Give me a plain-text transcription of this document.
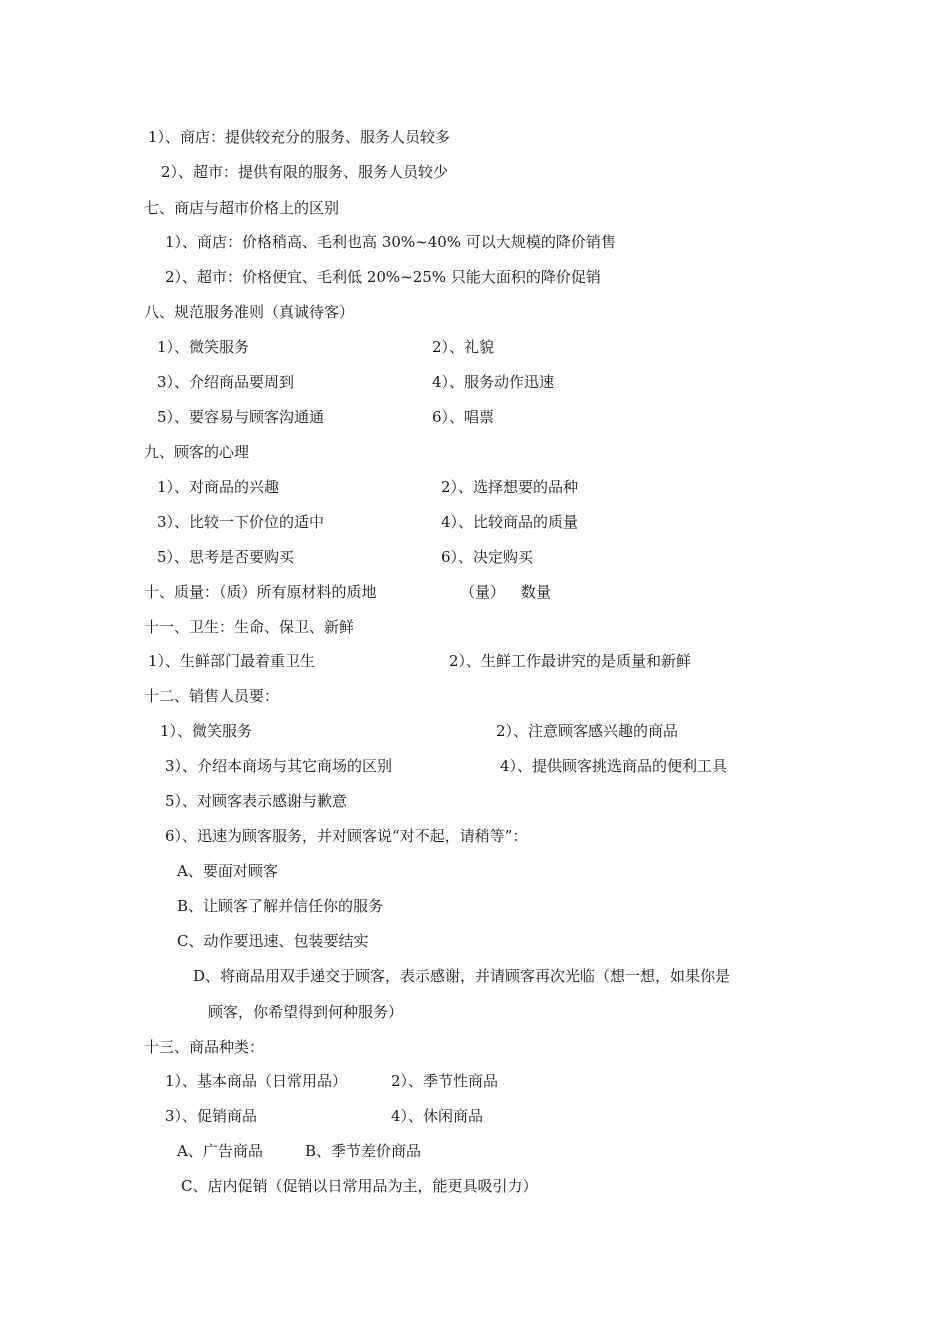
1）、商店：提供较充分的服务、服务人员较多
2）、超市：提供有限的服务、服务人员较少
七、商店与超市价格上的区别
1）、商店：价格稍高、毛利也高 30%~40% 可以大规模的降价销售
2）、超市：价格便宜、毛利低 20%~25% 只能大面积的降价促销
八、规范服务准则（真诚待客）
1）、微笑服务	2）、礼貌
3）、介绍商品要周到	4）、服务动作迅速
5）、要容易与顾客沟通通	6）、唱票
九、顾客的心理
1）、对商品的兴趣	2）、选择想要的品种
3）、比较一下价位的适中	4）、比较商品的质量
5）、思考是否要购买	6）、决定购买
十、质量：（质）所有原材料的质地	（量） 数量
十一、卫生：生命、保卫、新鲜
1）、生鲜部门最着重卫生	2）、生鲜工作最讲究的是质量和新鲜
十二、销售人员要：
1）、微笑服务	2）、注意顾客感兴趣的商品
3）、介绍本商场与其它商场的区别	4）、提供顾客挑选商品的便利工具
5）、对顾客表示感谢与歉意
6）、迅速为顾客服务，并对顾客说“对不起，请稍等”：
A、要面对顾客
B、让顾客了解并信任你的服务
C、动作要迅速、包装要结实
D、将商品用双手递交于顾客，表示感谢，并请顾客再次光临（想一想，如果你是
顾客，你希望得到何种服务）
十三、商品种类：
1）、基本商品（日常用品）	2）、季节性商品
3）、促销商品	4）、休闲商品
A、广告商品	B、季节差价商品
C、店内促销（促销以日常用品为主，能更具吸引力）
